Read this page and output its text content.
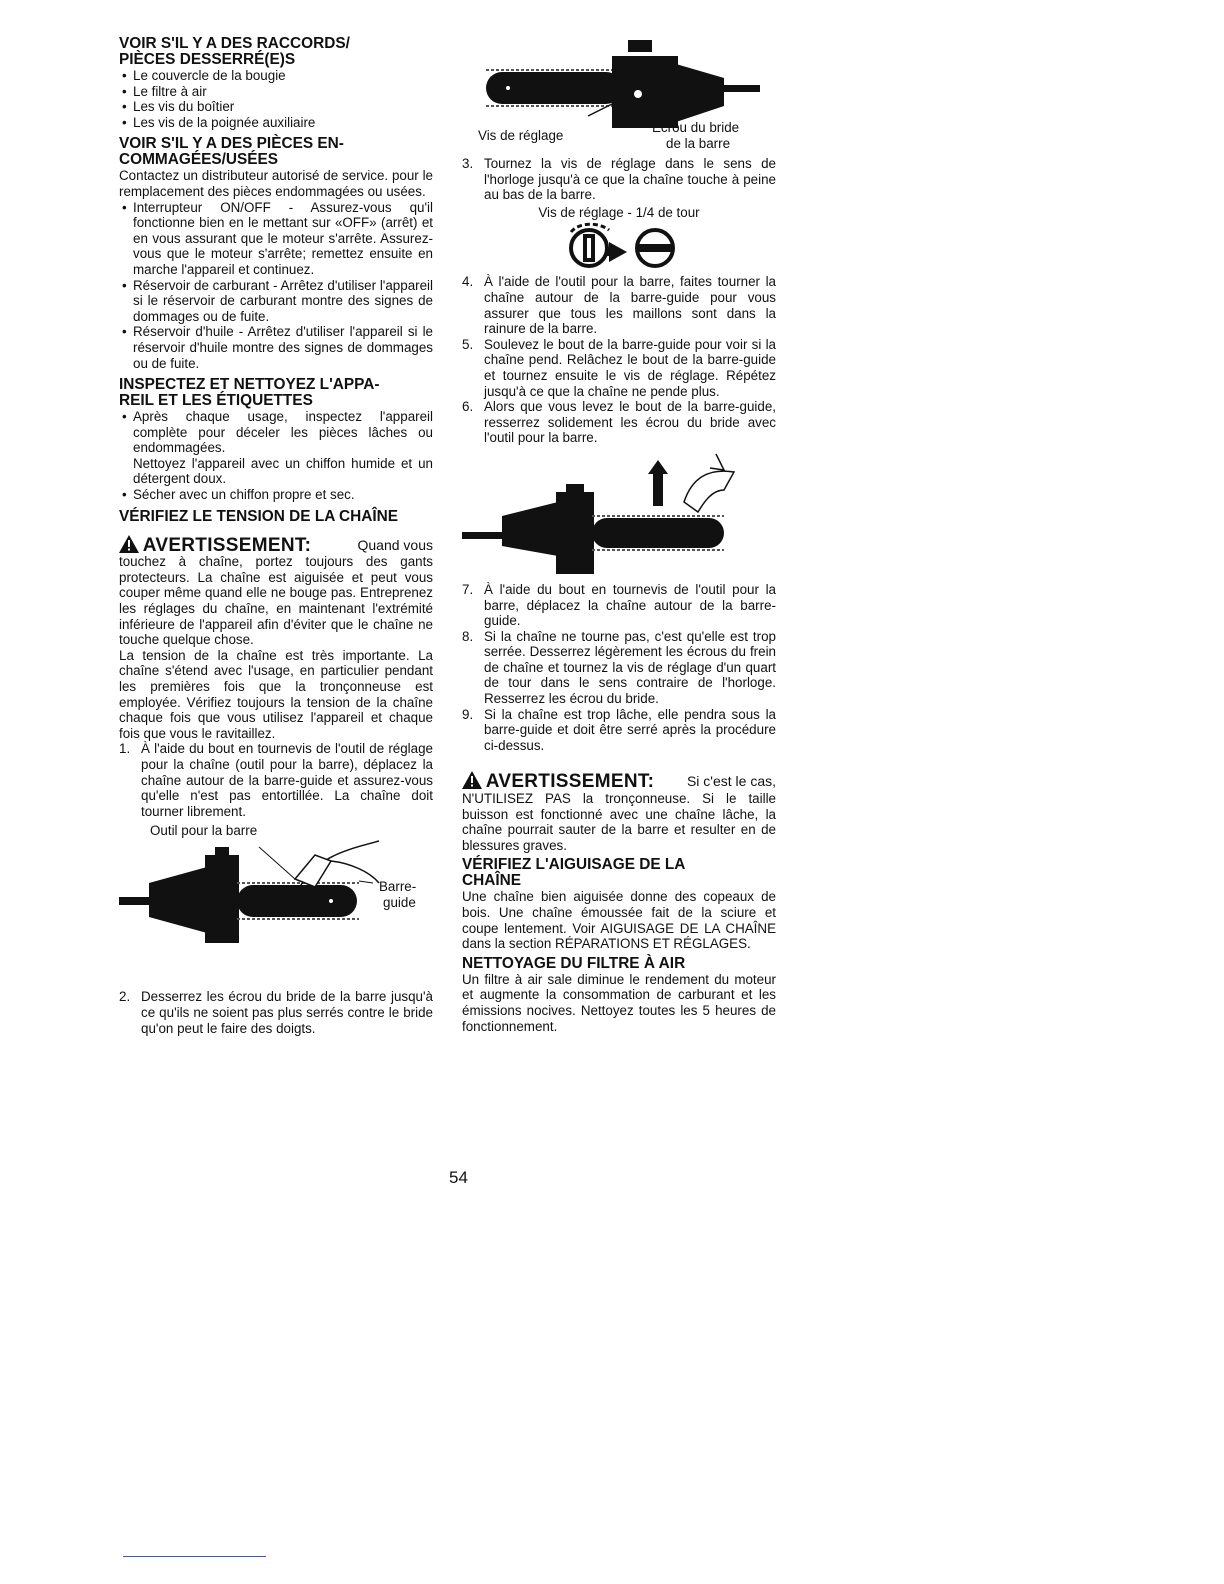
VOIR S'IL Y A DES RACCORDS/
PIÈCES DESSERRÉ(E)S
• Le couvercle de la bougie
• Le filtre à air
• Les vis du boîtier
• Les vis de la poignée auxiliaire
VOIR S'IL Y A DES PIÈCES EN-
COMMAGÉES/USÉES

Contactez un distributeur autorisé de service. pour le remplacement des pièces endommagées ou usées.

• Interrupteur ON/OFF - Assurez-vous qu'il fonctionne bien en le mettant sur «OFF» (arrêt) et en vous assurant que le moteur s'arrête. Assurez-vous que le moteur s'arrête; remettez ensuite en marche l'appareil et continuez.
• Réservoir de carburant - Arrêtez d'utiliser l'appareil si le réservoir de carburant montre des signes de dommages ou de fuite.
• Réservoir d'huile - Arrêtez d'utiliser l'appareil si le réservoir d'huile montre des signes de dommages ou de fuite.
INSPECTEZ ET NETTOYEZ L'APPA-
REIL ET LES ÉTIQUETTES
• Après chaque usage, inspectez l'appareil complète pour déceler les pièces lâches ou endommagées.
Nettoyez l'appareil avec un chiffon humide et un détergent doux.
• Sécher avec un chiffon propre et sec.
VÉRIFIEZ LE TENSION DE LA CHAÎNE
AVERTISSEMENT:	Quand vous

touchez à chaîne, portez toujours des gants protecteurs. La chaîne est aiguisée et peut vous couper même quand elle ne bouge pas. Entreprenez les réglages du chaîne, en maintenant l'extrémité inférieure de l'appareil afin d'éviter que le chaîne ne touche quelque chose.

La tension de la chaîne est très importante. La chaîne s'étend avec l'usage, en particulier pendant les premières fois que la tronçonneuse est employée. Vérifiez toujours la tension de la chaîne chaque fois que vous utilisez l'appareil et chaque fois que vous le ravitaillez.

1. À l'aide du bout en tournevis de l'outil de réglage pour la chaîne (outil pour la barre), déplacez la chaîne autour de la barre-guide et assurez-vous qu'elle n'est pas entortillée. La chaîne doit tourner librement.
Outil pour la barre
Barre-
guide
2. Desserrez les écrou du bride de la barre jusqu'à ce qu'ils ne soient pas plus serrés contre le bride qu'on peut le faire des doigts.
Vis de réglage
Écrou du bride
de la barre
3. Tournez la vis de réglage dans le sens de l'horloge jusqu'à ce que la chaîne touche à peine au bas de la barre.
Vis de réglage - 1/4 de tour
4. À l'aide de l'outil pour la barre, faites tourner la chaîne autour de la barre-guide pour vous assurer que tous les maillons sont dans la rainure de la barre.
5. Soulevez le bout de la barre-guide pour voir si la chaîne pend. Relâchez le bout de la barre-guide et tournez ensuite le vis de réglage. Répétez jusqu'à ce que la chaîne ne pende plus.
6. Alors que vous levez le bout de la barre-guide, resserrez solidement les écrou du bride avec l'outil pour la barre.
7. À l'aide du bout en tournevis de l'outil pour la barre, déplacez la chaîne autour de la barre-guide.
8. Si la chaîne ne tourne pas, c'est qu'elle est trop serrée. Desserrez légèrement les écrous du frein de chaîne et tournez la vis de réglage d'un quart de tour dans le sens contraire de l'horloge. Resserrez les écrou du bride.
9. Si la chaîne est trop lâche, elle pendra sous la barre-guide et doit être serré après la procédure ci-dessus.
AVERTISSEMENT: Si c'est le cas,

N'UTILISEZ PAS la tronçonneuse. Si le taille buisson est fonctionné avec une chaîne lâche, la chaîne pourrait sauter de la barre et resulter en de blessures graves.

VÉRIFIEZ L'AIGUISAGE DE LA
CHAÎNE

Une chaîne bien aiguisée donne des copeaux de bois. Une chaîne émoussée fait de la sciure et coupe lentement. Voir AIGUISAGE DE LA CHAÎNE dans la section RÉPARATIONS ET RÉGLAGES.

NETTOYAGE DU FILTRE À AIR

Un filtre à air sale diminue le rendement du moteur et augmente la consommation de carburant et les émissions nocives. Nettoyez toutes les 5 heures de fonctionnement.

54
